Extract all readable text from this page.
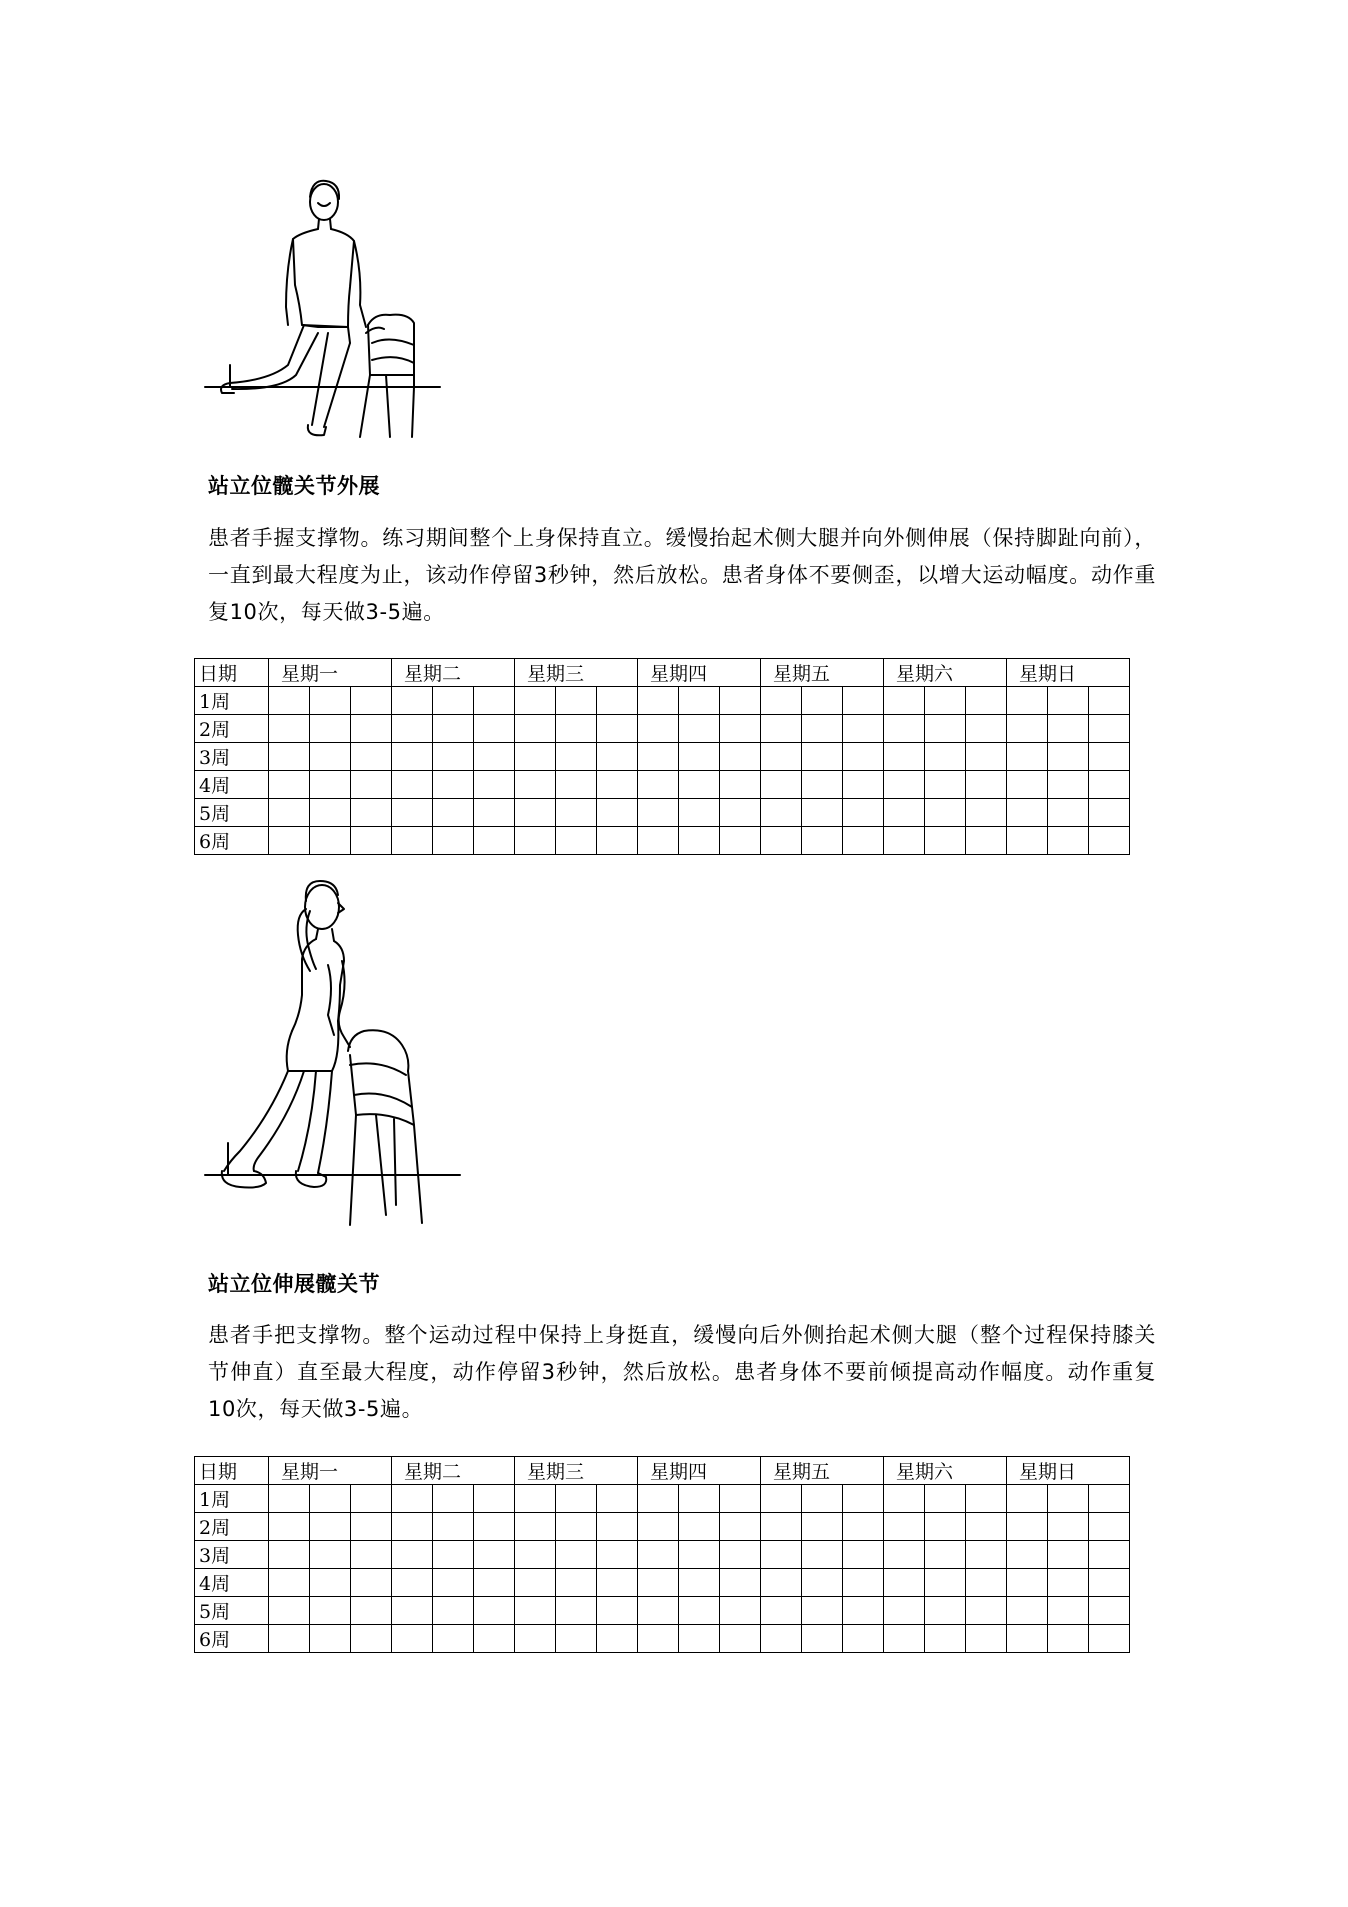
站立位髋关节外展
患者手握支撑物。练习期间整个上身保持直立。缓慢抬起术侧大腿并向外侧伸展（保持脚趾向前），一直到最大程度为止，该动作停留3秒钟，然后放松。患者身体不要侧歪，以增大运动幅度。动作重复10次，每天做3-5遍。
日期	星期一			星期二			星期三			星期四			星期五			星期六			星期日		
1周																					
2周																					
3周																					
4周																					
5周																					
6周																					
站立位伸展髋关节
患者手把支撑物。整个运动过程中保持上身挺直，缓慢向后外侧抬起术侧大腿（整个过程保持膝关节伸直）直至最大程度，动作停留3秒钟，然后放松。患者身体不要前倾提高动作幅度。动作重复10次，每天做3-5遍。
日期	星期一			星期二			星期三			星期四			星期五			星期六			星期日		
1周																					
2周																					
3周																					
4周																					
5周																					
6周																					
